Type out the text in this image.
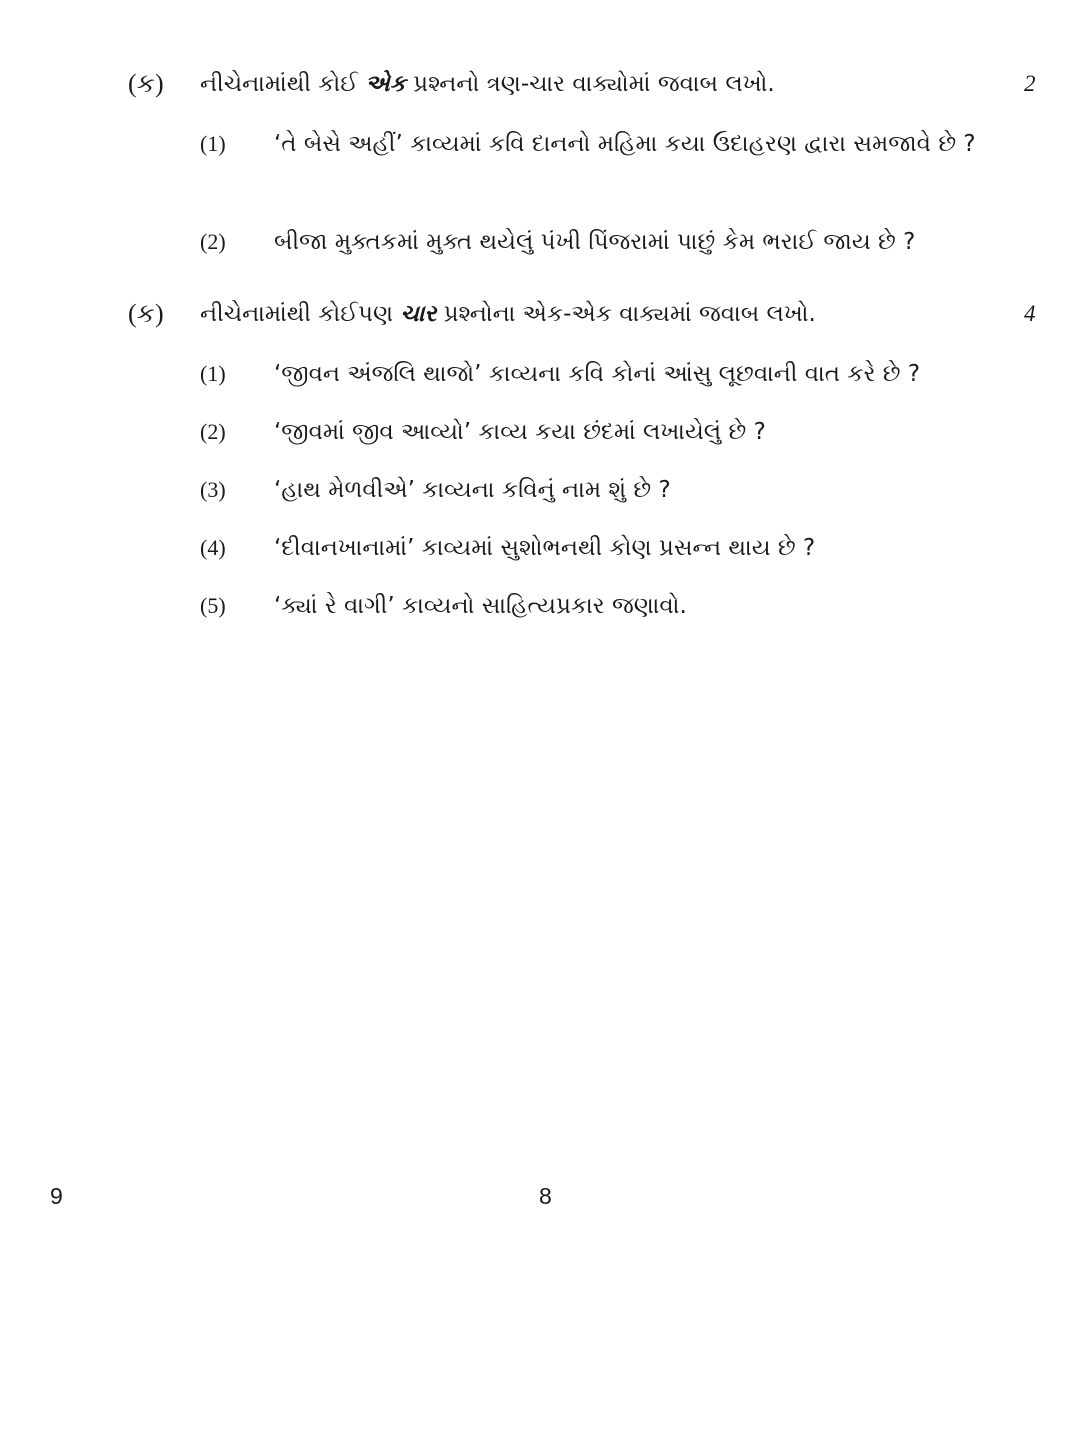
(ક) નીચેનામાંથી કોઈ એક પ્રશ્નનો ત્રણ-ચાર વાક્યોમાં જવાબ લખો.	2
(1) ‘તે બેસે અહીં’ કાવ્યમાં કવિ દાનનો મહિમા કયા ઉદાહરણ દ્વારા સમજાવે છે ?
(2) બીજા મુક્તકમાં મુક્ત થયેલું પંખી પિંજરામાં પાછું કેમ ભરાઈ જાય છે ?
(ક) નીચેનામાંથી કોઈપણ ચાર પ્રશ્નોના એક-એક વાક્યમાં જવાબ લખો.	4
(1) ‘જીવન અંજલિ થાજો’ કાવ્યના કવિ કોનાં આંસુ લૂછવાની વાત કરે છે ?
(2) ‘જીવમાં જીવ આવ્યો’ કાવ્ય કયા છંદમાં લખાયેલું છે ?
(3) ‘હાથ મેળવીએ’ કાવ્યના કવિનું નામ શું છે ?
(4) ‘દીવાનખાનામાં’ કાવ્યમાં સુશોભનથી કોણ પ્રસન્ન થાય છે ?
(5) ‘ક્યાં રે વાગી’ કાવ્યનો સાહિત્યપ્રકાર જણાવો.
9	8
